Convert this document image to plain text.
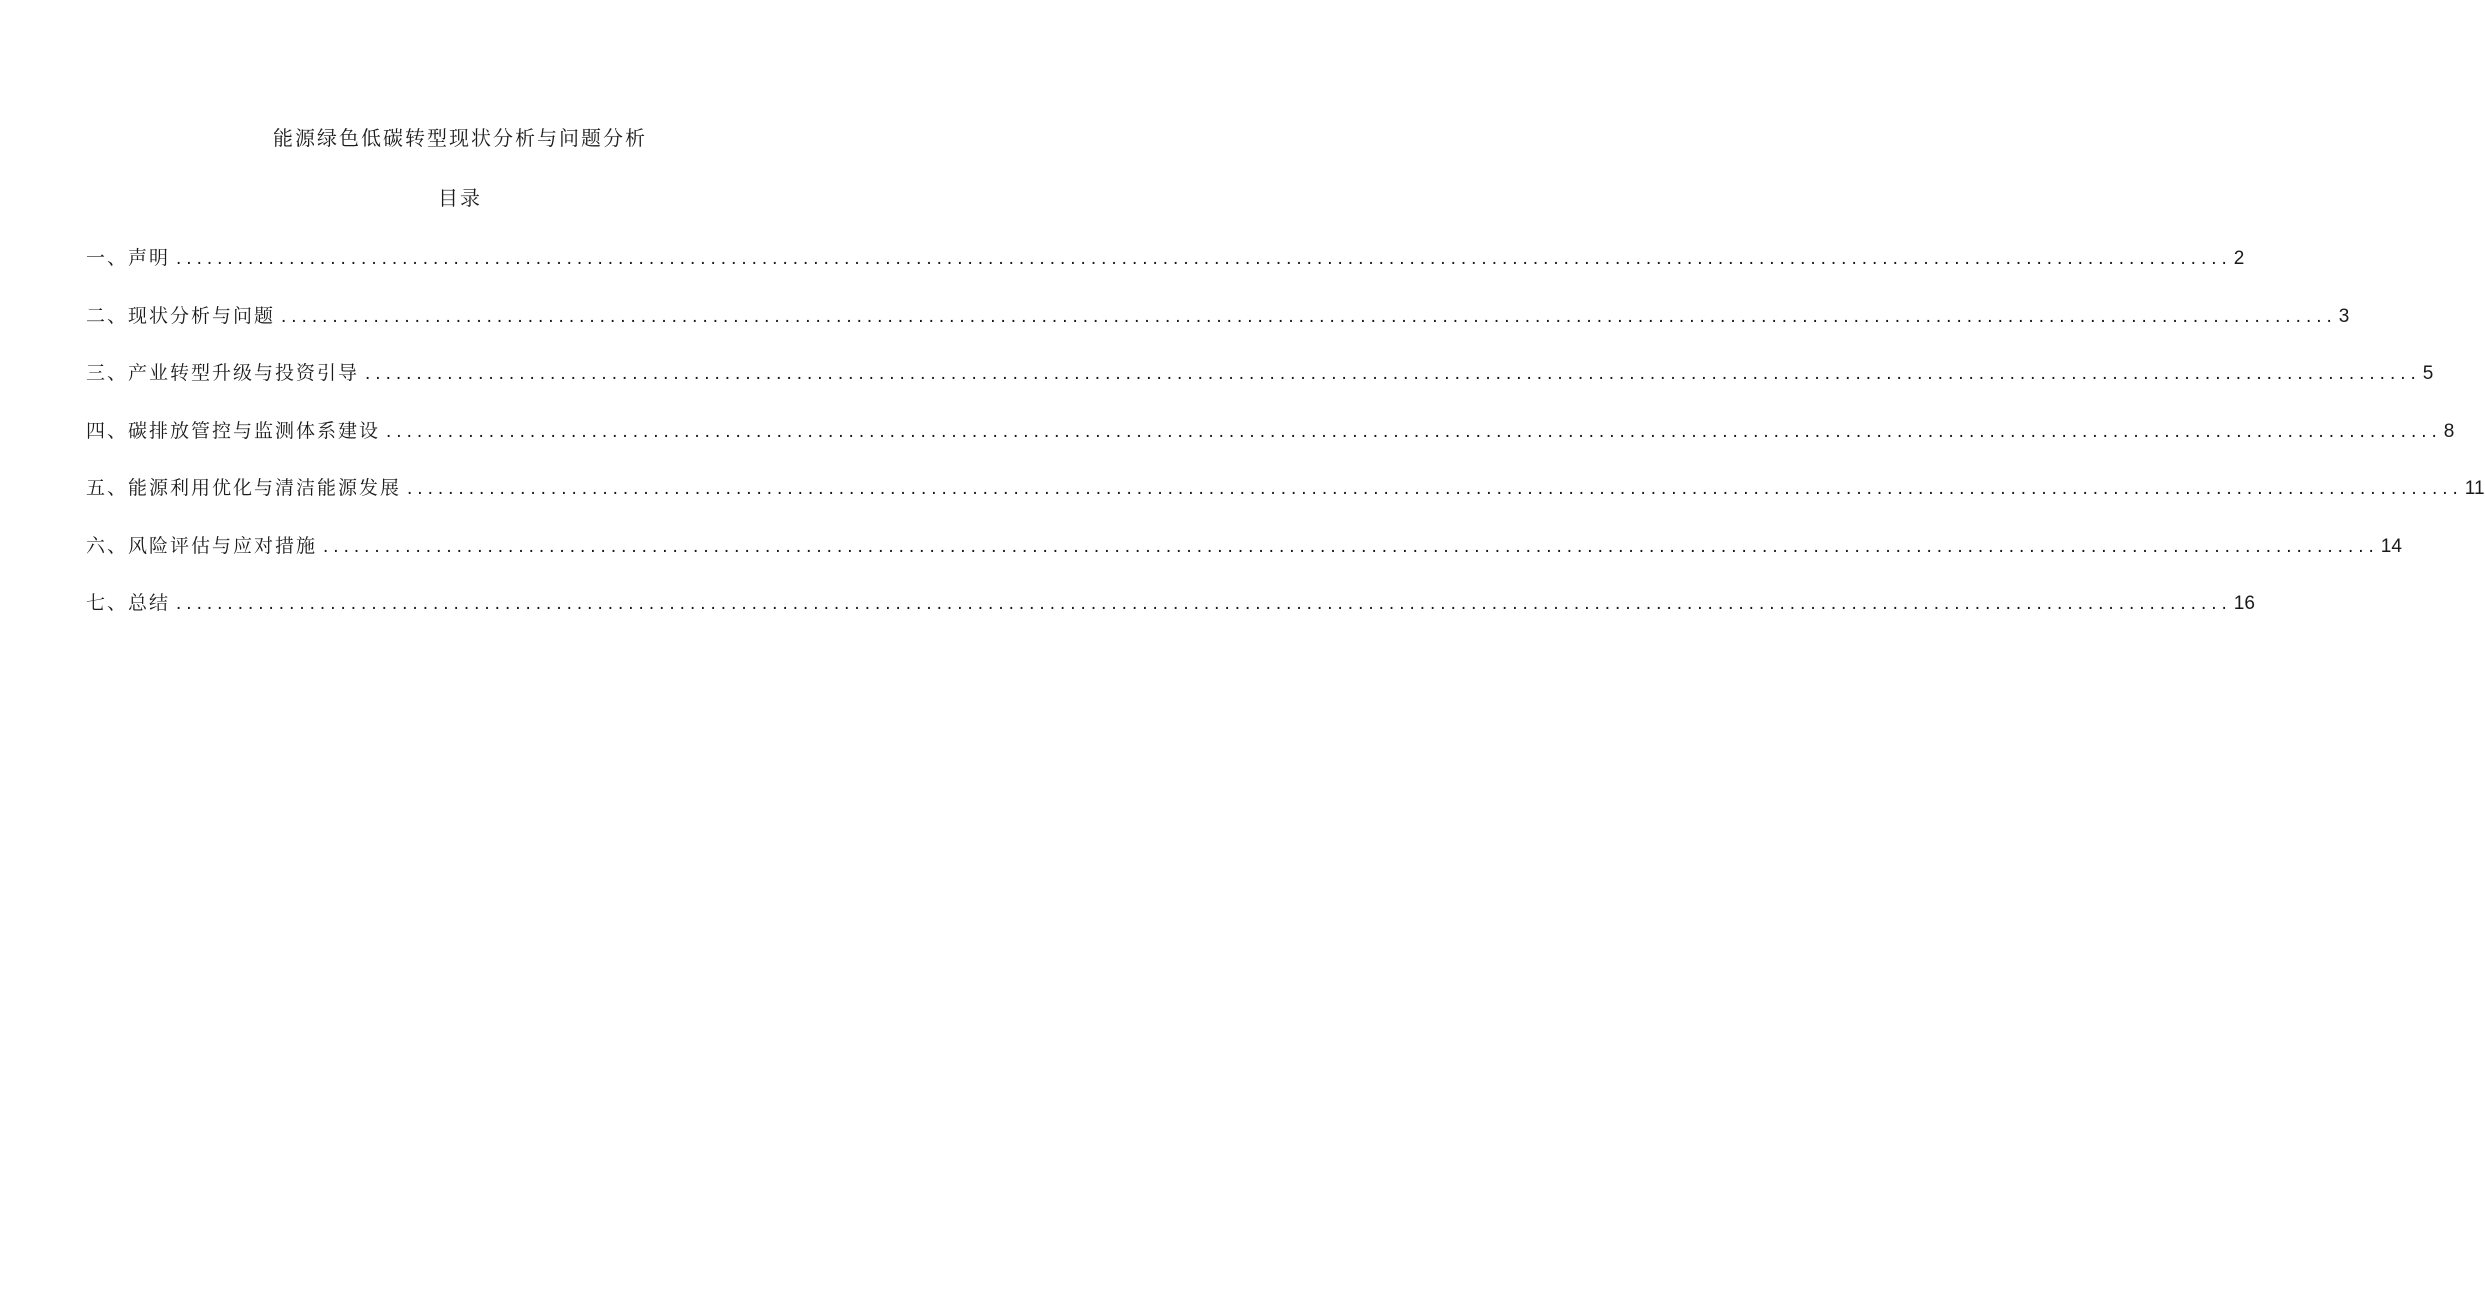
能源绿色低碳转型现状分析与问题分析
目录
一、声明 ........................................................................................................................................................................................................ 2
二、现状分析与问题 ........................................................................................................................................................................................................ 3
三、产业转型升级与投资引导 ........................................................................................................................................................................................................ 5
四、碳排放管控与监测体系建设 ........................................................................................................................................................................................................ 8
五、能源利用优化与清洁能源发展 ........................................................................................................................................................................................................ 11
六、风险评估与应对措施 ........................................................................................................................................................................................................ 14
七、总结 ........................................................................................................................................................................................................ 16
